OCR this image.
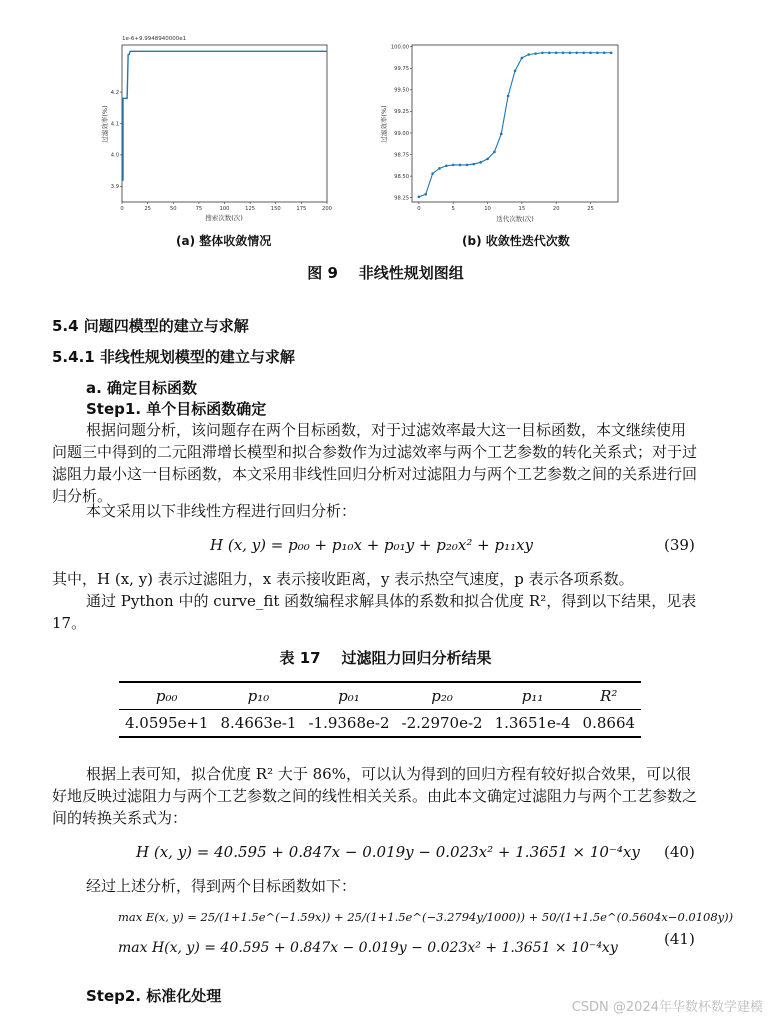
1e-6+9.9948940000e1
3.9
4.0
4.1
4.2
0	25	50	75	100	125	150	175	200
搜索次数(次)
过滤效率(%)
98.25
98.50
98.75
99.00
99.25
99.50
99.75
100.00
0	5	10	15	20	25
迭代次数(次)
过滤效率(%)
(a) 整体收敛情况	(b) 收敛性迭代次数
图 9    非线性规划图组
5.4 问题四模型的建立与求解
5.4.1 非线性规划模型的建立与求解
a. 确定目标函数
Step1. 单个目标函数确定
根据问题分析，该问题存在两个目标函数，对于过滤效率最大这一目标函数，本文继续使用问题三中得到的二元阻滞增长模型和拟合参数作为过滤效率与两个工艺参数的转化关系式；对于过滤阻力最小这一目标函数，本文采用非线性回归分析对过滤阻力与两个工艺参数之间的关系进行回归分析。
本文采用以下非线性方程进行回归分析：
H (x, y) = p₀₀ + p₁₀x + p₀₁y + p₂₀x² + p₁₁xy	(39)
其中，H (x, y) 表示过滤阻力，x 表示接收距离，y 表示热空气速度，p 表示各项系数。
通过 Python 中的 curve_fit 函数编程求解具体的系数和拟合优度 R²，得到以下结果，见表 17。
表 17    过滤阻力回归分析结果
p₀₀	p₁₀	p₀₁	p₂₀	p₁₁	R²
4.0595e+1	8.4663e-1	-1.9368e-2	-2.2970e-2	1.3651e-4	0.8664
根据上表可知，拟合优度 R² 大于 86%，可以认为得到的回归方程有较好拟合效果，可以很好地反映过滤阻力与两个工艺参数之间的线性相关关系。由此本文确定过滤阻力与两个工艺参数之间的转换关系式为：
H (x, y) = 40.595 + 0.847x − 0.019y − 0.023x² + 1.3651 × 10⁻⁴xy (40)
经过上述分析，得到两个目标函数如下：
max E(x, y) = 25/(1+1.5e^(−1.59x)) + 25/(1+1.5e^(−3.2794y/1000)) + 50/(1+1.5e^(0.5604x−0.0108y))
max H(x, y) = 40.595 + 0.847x − 0.019y − 0.023x² + 1.3651 × 10⁻⁴xy	(41)
Step2. 标准化处理
CSDN @2024年华数杯数学建模
